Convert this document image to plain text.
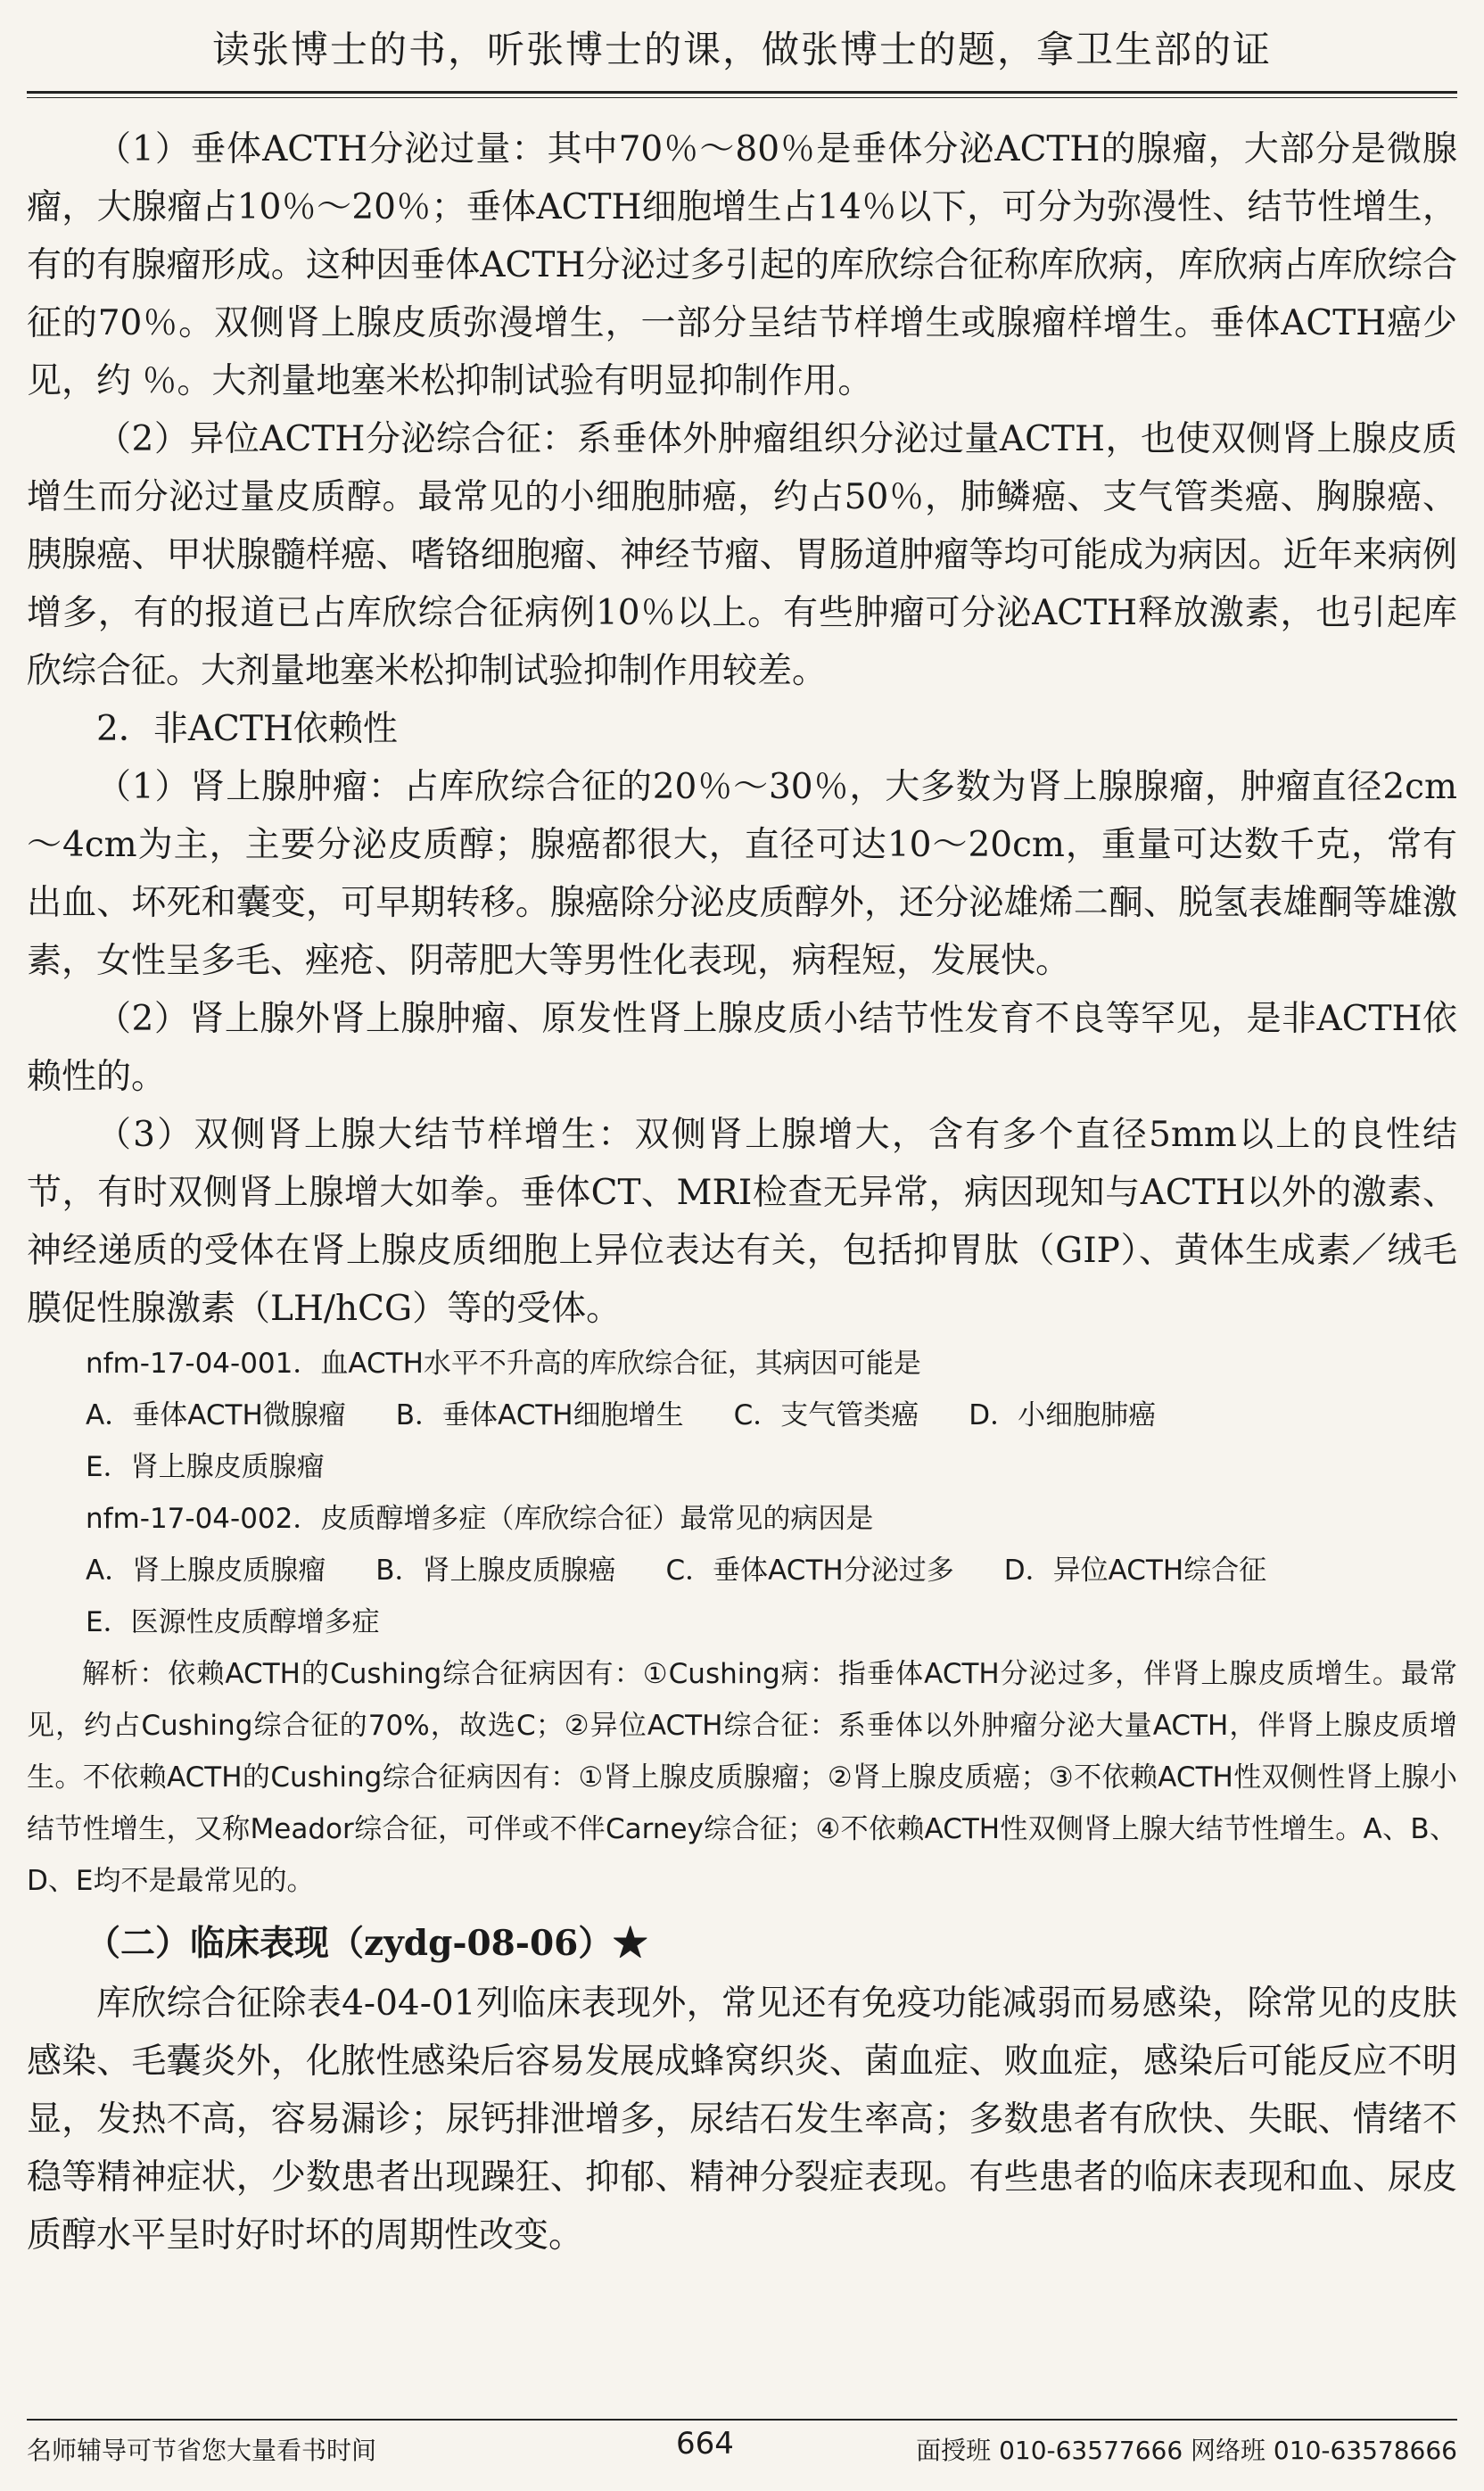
读张博士的书，听张博士的课，做张博士的题，拿卫生部的证

（1）垂体ACTH分泌过量：其中70％～80％是垂体分泌ACTH的腺瘤，大部分是微腺瘤，大腺瘤占10％～20％；垂体ACTH细胞增生占14％以下，可分为弥漫性、结节性增生，有的有腺瘤形成。这种因垂体ACTH分泌过多引起的库欣综合征称库欣病，库欣病占库欣综合征的70％。双侧肾上腺皮质弥漫增生，一部分呈结节样增生或腺瘤样增生。垂体ACTH癌少见，约 ％。大剂量地塞米松抑制试验有明显抑制作用。

（2）异位ACTH分泌综合征：系垂体外肿瘤组织分泌过量ACTH，也使双侧肾上腺皮质增生而分泌过量皮质醇。最常见的小细胞肺癌，约占50％，肺鳞癌、支气管类癌、胸腺癌、胰腺癌、甲状腺髓样癌、嗜铬细胞瘤、神经节瘤、胃肠道肿瘤等均可能成为病因。近年来病例增多，有的报道已占库欣综合征病例10％以上。有些肿瘤可分泌ACTH释放激素，也引起库欣综合征。大剂量地塞米松抑制试验抑制作用较差。

2．非ACTH依赖性

（1）肾上腺肿瘤：占库欣综合征的20％～30％，大多数为肾上腺腺瘤，肿瘤直径2cm～4cm为主，主要分泌皮质醇；腺癌都很大，直径可达10～20cm，重量可达数千克，常有出血、坏死和囊变，可早期转移。腺癌除分泌皮质醇外，还分泌雄烯二酮、脱氢表雄酮等雄激素，女性呈多毛、痤疮、阴蒂肥大等男性化表现，病程短，发展快。

（2）肾上腺外肾上腺肿瘤、原发性肾上腺皮质小结节性发育不良等罕见，是非ACTH依赖性的。

（3）双侧肾上腺大结节样增生：双侧肾上腺增大，含有多个直径5mm以上的良性结节，有时双侧肾上腺增大如拳。垂体CT、MRI检查无异常，病因现知与ACTH以外的激素、神经递质的受体在肾上腺皮质细胞上异位表达有关，包括抑胃肽（GIP）、黄体生成素／绒毛膜促性腺激素（LH/hCG）等的受体。

nfm-17-04-001．血ACTH水平不升高的库欣综合征，其病因可能是

A．垂体ACTH微腺瘤 B．垂体ACTH细胞增生 C．支气管类癌 D．小细胞肺癌
E．肾上腺皮质腺瘤

nfm-17-04-002．皮质醇增多症（库欣综合征）最常见的病因是

A．肾上腺皮质腺瘤 B．肾上腺皮质腺癌 C．垂体ACTH分泌过多 D．异位ACTH综合征
E．医源性皮质醇增多症

解析：依赖ACTH的Cushing综合征病因有：①Cushing病：指垂体ACTH分泌过多，伴肾上腺皮质增生。最常见，约占Cushing综合征的70%，故选C；②异位ACTH综合征：系垂体以外肿瘤分泌大量ACTH，伴肾上腺皮质增生。不依赖ACTH的Cushing综合征病因有：①肾上腺皮质腺瘤；②肾上腺皮质癌；③不依赖ACTH性双侧性肾上腺小结节性增生，又称Meador综合征，可伴或不伴Carney综合征；④不依赖ACTH性双侧肾上腺大结节性增生。A、B、D、E均不是最常见的。

（二）临床表现（zydg-08-06）★

库欣综合征除表4-04-01列临床表现外，常见还有免疫功能减弱而易感染，除常见的皮肤感染、毛囊炎外，化脓性感染后容易发展成蜂窝织炎、菌血症、败血症，感染后可能反应不明显，发热不高，容易漏诊；尿钙排泄增多，尿结石发生率高；多数患者有欣快、失眠、情绪不稳等精神症状，少数患者出现躁狂、抑郁、精神分裂症表现。有些患者的临床表现和血、尿皮质醇水平呈时好时坏的周期性改变。

名师辅导可节省您大量看书时间	664	面授班 010-63577666 网络班 010-63578666
